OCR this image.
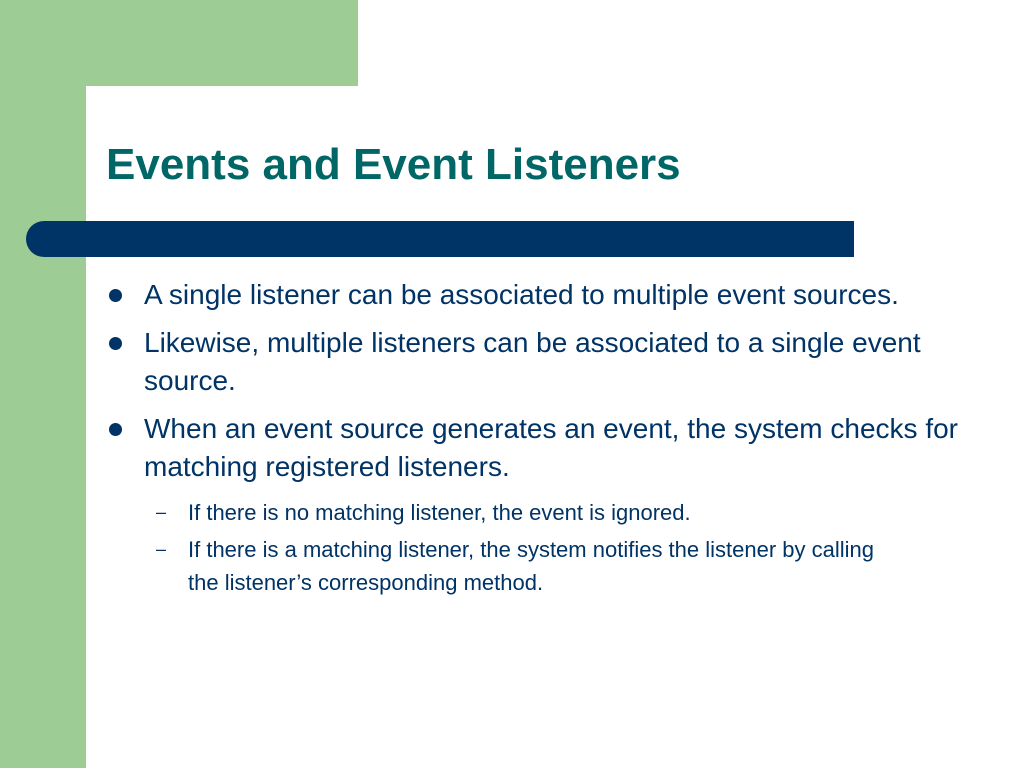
Events and Event Listeners
A single listener can be associated to multiple event sources.
Likewise, multiple listeners can be associated to a single event source.
When an event source generates an event, the system checks for matching registered listeners.
– If there is no matching listener, the event is ignored.
– If there is a matching listener, the system notifies the listener by calling the listener’s corresponding method.
